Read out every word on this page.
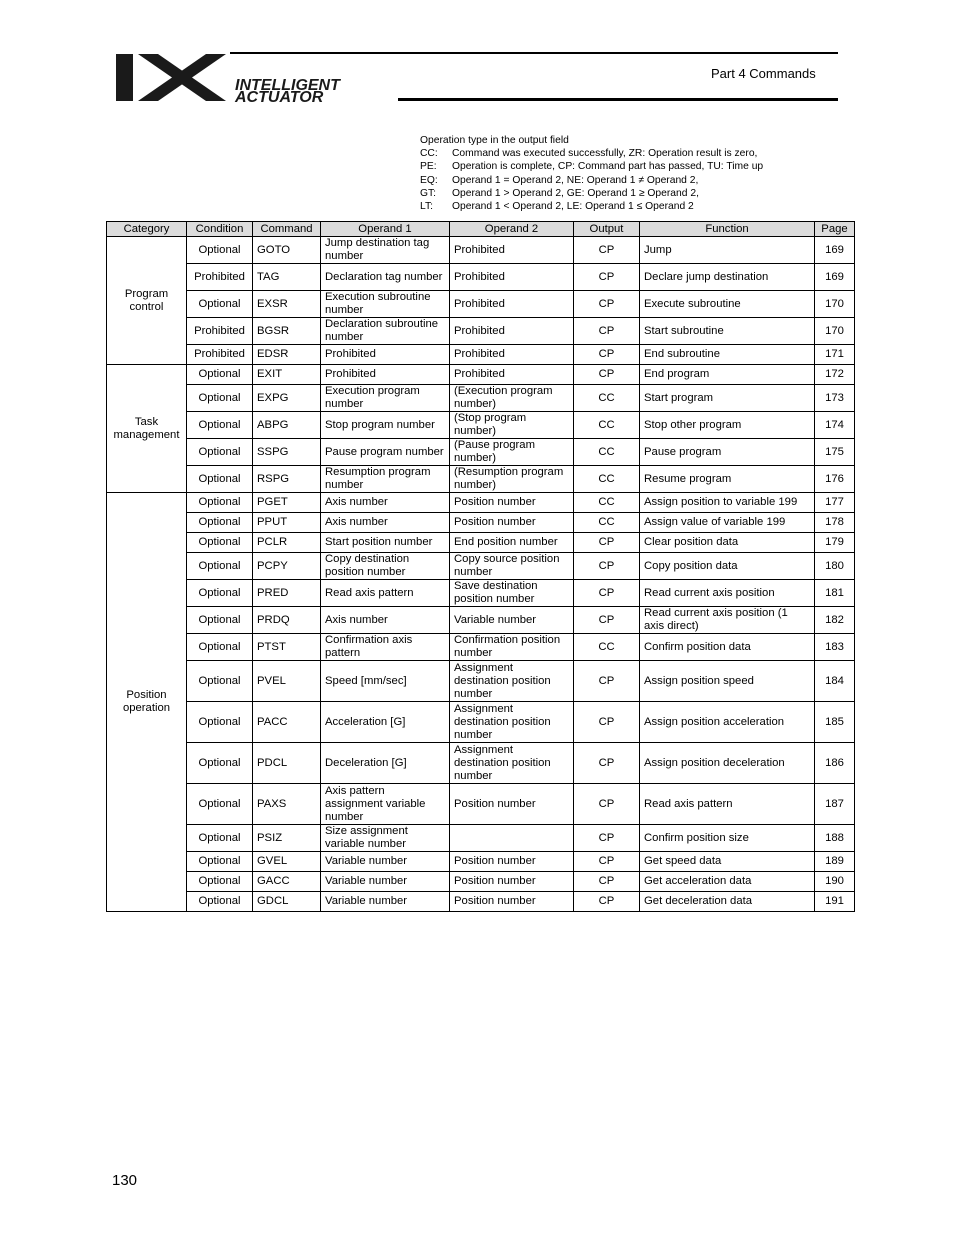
INTELLIGENT
ACTUATOR
Part 4 Commands
Operation type in the output field
CC:	Command was executed successfully, ZR: Operation result is zero,
PE:	Operation is complete, CP: Command part has passed, TU: Time up
EQ:	Operand 1 = Operand 2, NE: Operand 1 ≠ Operand 2,
GT:	Operand 1 > Operand 2, GE: Operand 1 ≥ Operand 2,
LT:	Operand 1 < Operand 2, LE: Operand 1 ≤ Operand 2
Category	Condition	Command	Operand 1	Operand 2	Output	Function	Page
Program control	Optional	GOTO	Jump destination tag number	Prohibited	CP	Jump	169
	Prohibited	TAG	Declaration tag number	Prohibited	CP	Declare jump destination	169
	Optional	EXSR	Execution subroutine number	Prohibited	CP	Execute subroutine	170
	Prohibited	BGSR	Declaration subroutine number	Prohibited	CP	Start subroutine	170
	Prohibited	EDSR	Prohibited	Prohibited	CP	End subroutine	171
Task management	Optional	EXIT	Prohibited	Prohibited	CP	End program	172
	Optional	EXPG	Execution program number	(Execution program number)	CC	Start program	173
	Optional	ABPG	Stop program number	(Stop program number)	CC	Stop other program	174
	Optional	SSPG	Pause program number	(Pause program number)	CC	Pause program	175
	Optional	RSPG	Resumption program number	(Resumption program number)	CC	Resume program	176
Position operation	Optional	PGET	Axis number	Position number	CC	Assign position to variable 199	177
	Optional	PPUT	Axis number	Position number	CC	Assign value of variable 199	178
	Optional	PCLR	Start position number	End position number	CP	Clear position data	179
	Optional	PCPY	Copy destination position number	Copy source position number	CP	Copy position data	180
	Optional	PRED	Read axis pattern	Save destination position number	CP	Read current axis position	181
	Optional	PRDQ	Axis number	Variable number	CP	Read current axis position (1 axis direct)	182
	Optional	PTST	Confirmation axis pattern	Confirmation position number	CC	Confirm position data	183
	Optional	PVEL	Speed [mm/sec]	Assignment destination position number	CP	Assign position speed	184
	Optional	PACC	Acceleration [G]	Assignment destination position number	CP	Assign position acceleration	185
	Optional	PDCL	Deceleration [G]	Assignment destination position number	CP	Assign position deceleration	186
	Optional	PAXS	Axis pattern assignment variable number	Position number	CP	Read axis pattern	187
	Optional	PSIZ	Size assignment variable number		CP	Confirm position size	188
	Optional	GVEL	Variable number	Position number	CP	Get speed data	189
	Optional	GACC	Variable number	Position number	CP	Get acceleration data	190
	Optional	GDCL	Variable number	Position number	CP	Get deceleration data	191
130
